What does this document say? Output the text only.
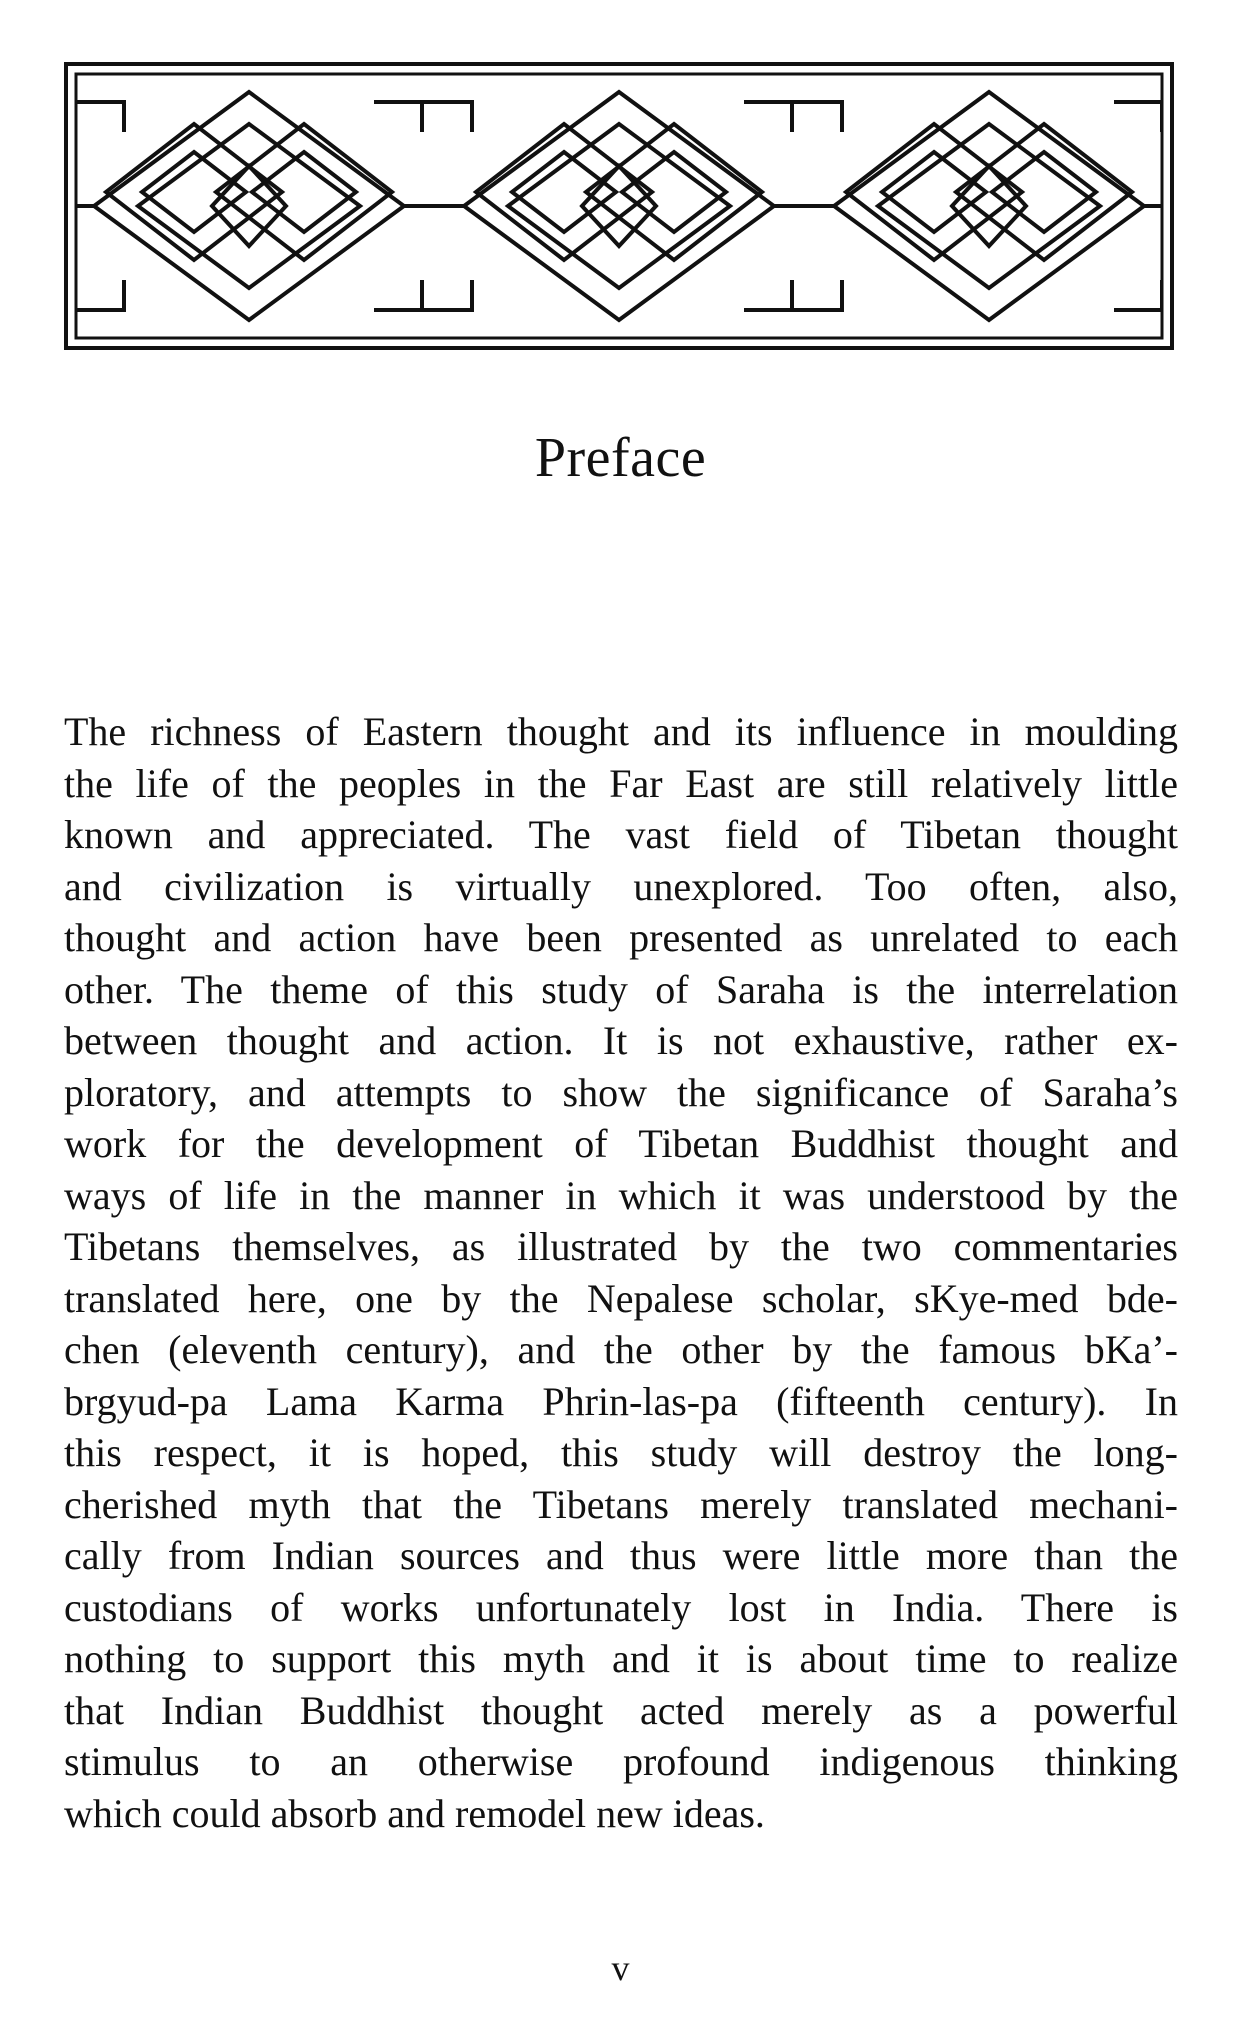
Preface

The richness of Eastern thought and its influence in moulding
the life of the peoples in the Far East are still relatively little
known and appreciated. The vast field of Tibetan thought
and civilization is virtually unexplored. Too often, also,
thought and action have been presented as unrelated to each
other. The theme of this study of Saraha is the interrelation
between thought and action. It is not exhaustive, rather ex-
ploratory, and attempts to show the significance of Saraha’s
work for the development of Tibetan Buddhist thought and
ways of life in the manner in which it was understood by the
Tibetans themselves, as illustrated by the two commentaries
translated here, one by the Nepalese scholar, sKye-med bde-
chen (eleventh century), and the other by the famous bKa’-
brgyud-pa Lama Karma Phrin-las-pa (fifteenth century). In
this respect, it is hoped, this study will destroy the long-
cherished myth that the Tibetans merely translated mechani-
cally from Indian sources and thus were little more than the
custodians of works unfortunately lost in India. There is
nothing to support this myth and it is about time to realize
that Indian Buddhist thought acted merely as a powerful
stimulus to an otherwise profound indigenous thinking
which could absorb and remodel new ideas.

v
